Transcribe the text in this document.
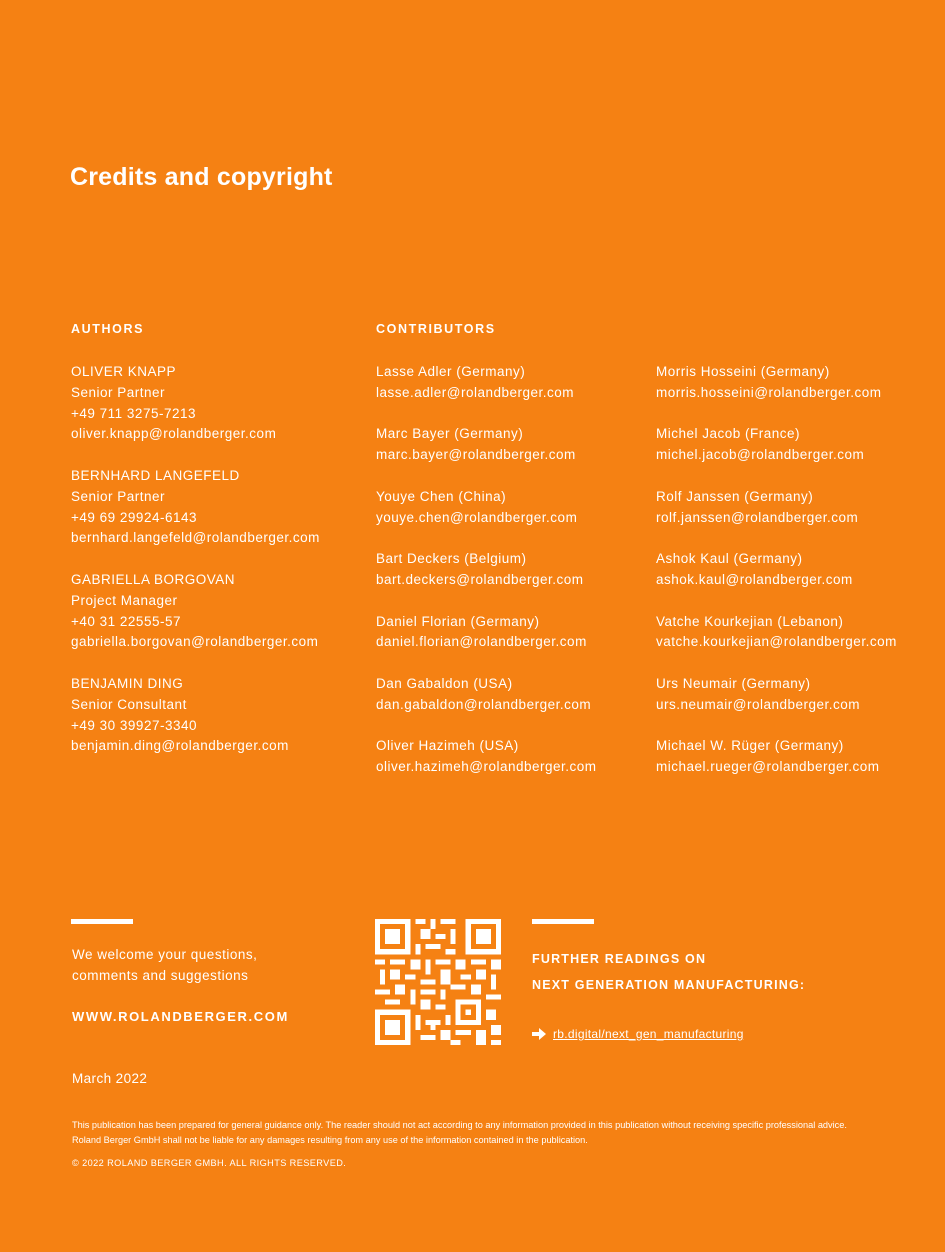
Credits and copyright
AUTHORS
OLIVER KNAPP
Senior Partner
+49 711 3275-7213
oliver.knapp@rolandberger.com
BERNHARD LANGEFELD
Senior Partner
+49 69 29924-6143
bernhard.langefeld@rolandberger.com
GABRIELLA BORGOVAN
Project Manager
+40 31 22555-57
gabriella.borgovan@rolandberger.com
BENJAMIN DING
Senior Consultant
+49 30 39927-3340
benjamin.ding@rolandberger.com
CONTRIBUTORS
Lasse Adler (Germany)
lasse.adler@rolandberger.com
Marc Bayer (Germany)
marc.bayer@rolandberger.com
Youye Chen (China)
youye.chen@rolandberger.com
Bart Deckers (Belgium)
bart.deckers@rolandberger.com
Daniel Florian (Germany)
daniel.florian@rolandberger.com
Dan Gabaldon (USA)
dan.gabaldon@rolandberger.com
Oliver Hazimeh (USA)
oliver.hazimeh@rolandberger.com
Morris Hosseini (Germany)
morris.hosseini@rolandberger.com
Michel Jacob (France)
michel.jacob@rolandberger.com
Rolf Janssen (Germany)
rolf.janssen@rolandberger.com
Ashok Kaul (Germany)
ashok.kaul@rolandberger.com
Vatche Kourkejian (Lebanon)
vatche.kourkejian@rolandberger.com
Urs Neumair (Germany)
urs.neumair@rolandberger.com
Michael W. Rüger (Germany)
michael.rueger@rolandberger.com
We welcome your questions,
comments and suggestions
WWW.ROLANDBERGER.COM
March 2022
FURTHER READINGS ON
NEXT GENERATION MANUFACTURING:
rb.digital/next_gen_manufacturing
This publication has been prepared for general guidance only. The reader should not act according to any information provided in this publication without receiving specific professional advice. Roland Berger GmbH shall not be liable for any damages resulting from any use of the information contained in the publication.
© 2022 ROLAND BERGER GMBH. ALL RIGHTS RESERVED.
